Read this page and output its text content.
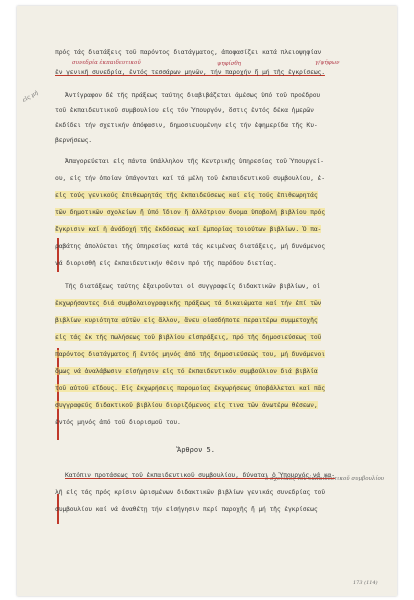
συνεδρία ἐκπαιδευτικοῦ	γ/ψήφων
ψηφίσθη
εἰς μή
ὁ σχετικός τοῦ ἐκπαιδευτικοῦ συμβουλίου
173 (114)
πρός τάς διατάξεις τοῦ παρόντος διατάγματος, ἀποφασίζει κατά πλειοψηφίαν
ἐν γενικῆ συνεδρία, ἐντός τεσσάρων μηνῶν, τήν παροχήν ἤ μή τῆς ἐγκρίσεως.
Ἀντίγραφον δέ τῆς πράξεως ταύτης διαβιβάζεται ἀμέσως ὑπό τοῦ προέδρου
τοῦ ἐκπαιδευτικοῦ συμβουλίου εἰς τόν Ὑπουργόν, ὅστις ἐντός δέκα ἡμερῶν
ἐκδίδει τήν σχετικήν ἀπόφασιν, δημοσιευομένην εἰς τήν ἐφημερίδα τῆς Κυ-
βερνήσεως.
Ἀπαγορεύεται εἰς πάντα ὑπάλληλον τῆς Κεντρικῆς ὑπηρεσίας τοῦ Ὑπουργεί-
ου, εἰς τήν ὁποίαν ὑπάγονται καί τά μέλη τοῦ ἐκπαιδευτικοῦ συμβουλίου, ἐ-
εἰς τούς γενικούς ἐπιθεωρητάς τῆς ἐκπαιδεύσεως καί εἰς τούς ἐπιθεωρητάς
τῶν δημοτικῶν σχολείων ἤ ὑπό ἴδιον ἤ ἀλλότριον ὄνομα ὑποβολή βιβλίου πρός
ἔγκρισιν καί ἡ ἀνάδοχή τῆς ἐκδόσεως καί ἐμπορίας τοιούτων βιβλίων. Ὁ πα-
ραβάτης ἀπολύεται τῆς ὑπηρεσίας κατά τάς κειμένας διατάξεις, μή δυνάμενος
νά διορισθῆ εἰς ἐκπαιδευτικήν θέσιν πρό τῆς παρόδου διετίας.
Τῆς διατάξεως ταύτης ἐξαιροῦνται οἱ συγγραφεῖς διδακτικῶν βιβλίων, οἱ
ἐκχωρήσαντες διά συμβολαιογραφικῆς πράξεως τά δικαιώματα καί τήν ἐπί τῶν
βιβλίων κυριότητα αὐτῶν εἰς ἄλλον, ἄνευ οἱασδήποτε περαιτέρω συμμετοχῆς
εἰς τάς ἐκ τῆς πωλήσεως τοῦ βιβλίου εἰσπράξεις, πρό τῆς δημοσιεύσεως τοῦ
παρόντος διατάγματος ἤ ἐντός μηνός ἀπό τῆς δημοσιεύσεώς του, μή δυνάμενοι
ὅμως νά ἀναλάβωσιν εἰσήγησιν εἰς τό ἐκπαιδευτικόν συμβούλιον διά βιβλία
τοῦ αὐτοῦ εἴδους. Εἰς ἐκχωρήσεις παρομοίας ἐκχωρήσεως ὑποβάλλεται καί πᾶς
συγγραφεύς διδακτικοῦ βιβλίου διοριζόμενος εἰς τινα τῶν ἀνωτέρω θέσεων,
ἐντός μηνός ἀπό τοῦ διορισμοῦ του.
Ἄρθρον 5.
Κατόπιν προτάσεως τοῦ ἐκπαιδευτικοῦ συμβουλίου, δύναται ὁ Ὑπουργός νά κα-
λῆ εἰς τάς πρός κρίσιν ὡρισμένων διδακτικῶν βιβλίων γενικάς συνεδρίας τοῦ
συμβουλίου καί νά ἀναθέτῃ τήν εἰσήγησιν περί παροχῆς ἤ μή τῆς ἐγκρίσεως
